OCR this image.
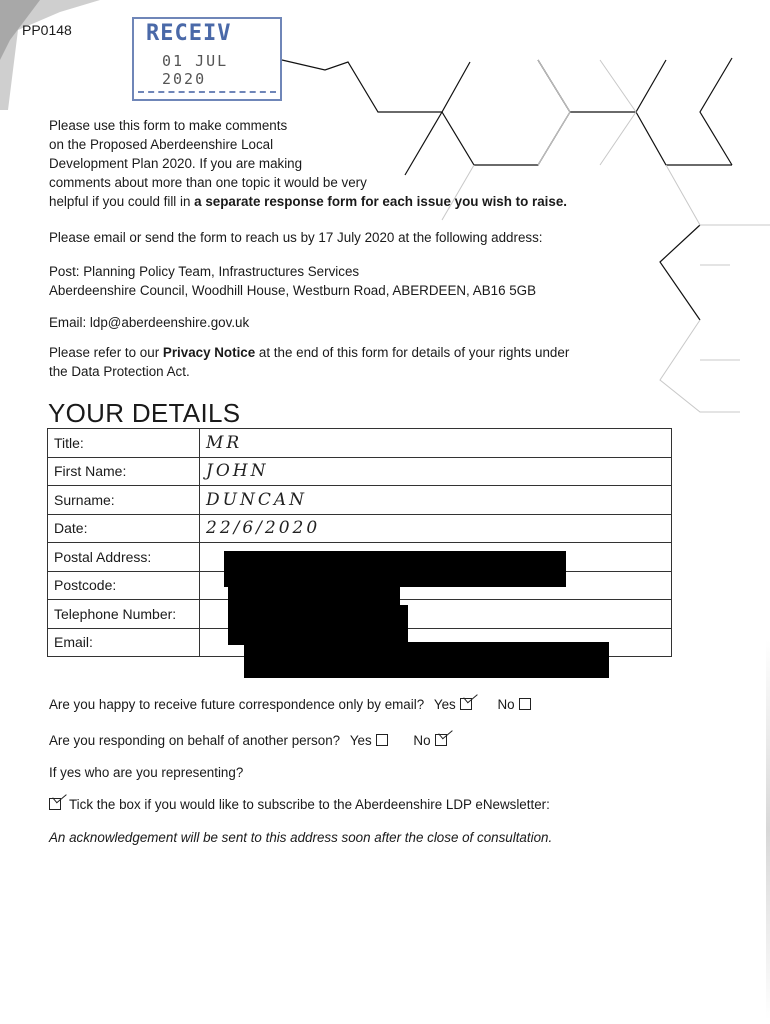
PP0148	RECEIV
01 JUL 2020
Please use this form to make comments
on the Proposed Aberdeenshire Local
Development Plan 2020. If you are making
comments about more than one topic it would be very
helpful if you could fill in a separate response form for each issue you wish to raise.
Please email or send the form to reach us by 17 July 2020 at the following address:
Post: Planning Policy Team, Infrastructures Services
Aberdeenshire Council, Woodhill House, Westburn Road, ABERDEEN, AB16 5GB
Email: ldp@aberdeenshire.gov.uk
Please refer to our Privacy Notice at the end of this form for details of your rights under
the Data Protection Act.
YOUR DETAILS
Title:	MR
First Name:	JOHN
Surname:	DUNCAN
Date:	22/6/2020
Postal Address:	
Postcode:	
Telephone Number:	
Email:	
Are you happy to receive future correspondence only by email? Yes	No
Are you responding on behalf of another person? Yes	No
If yes who are you representing?
Tick the box if you would like to subscribe to the Aberdeenshire LDP eNewsletter:
An acknowledgement will be sent to this address soon after the close of consultation.
